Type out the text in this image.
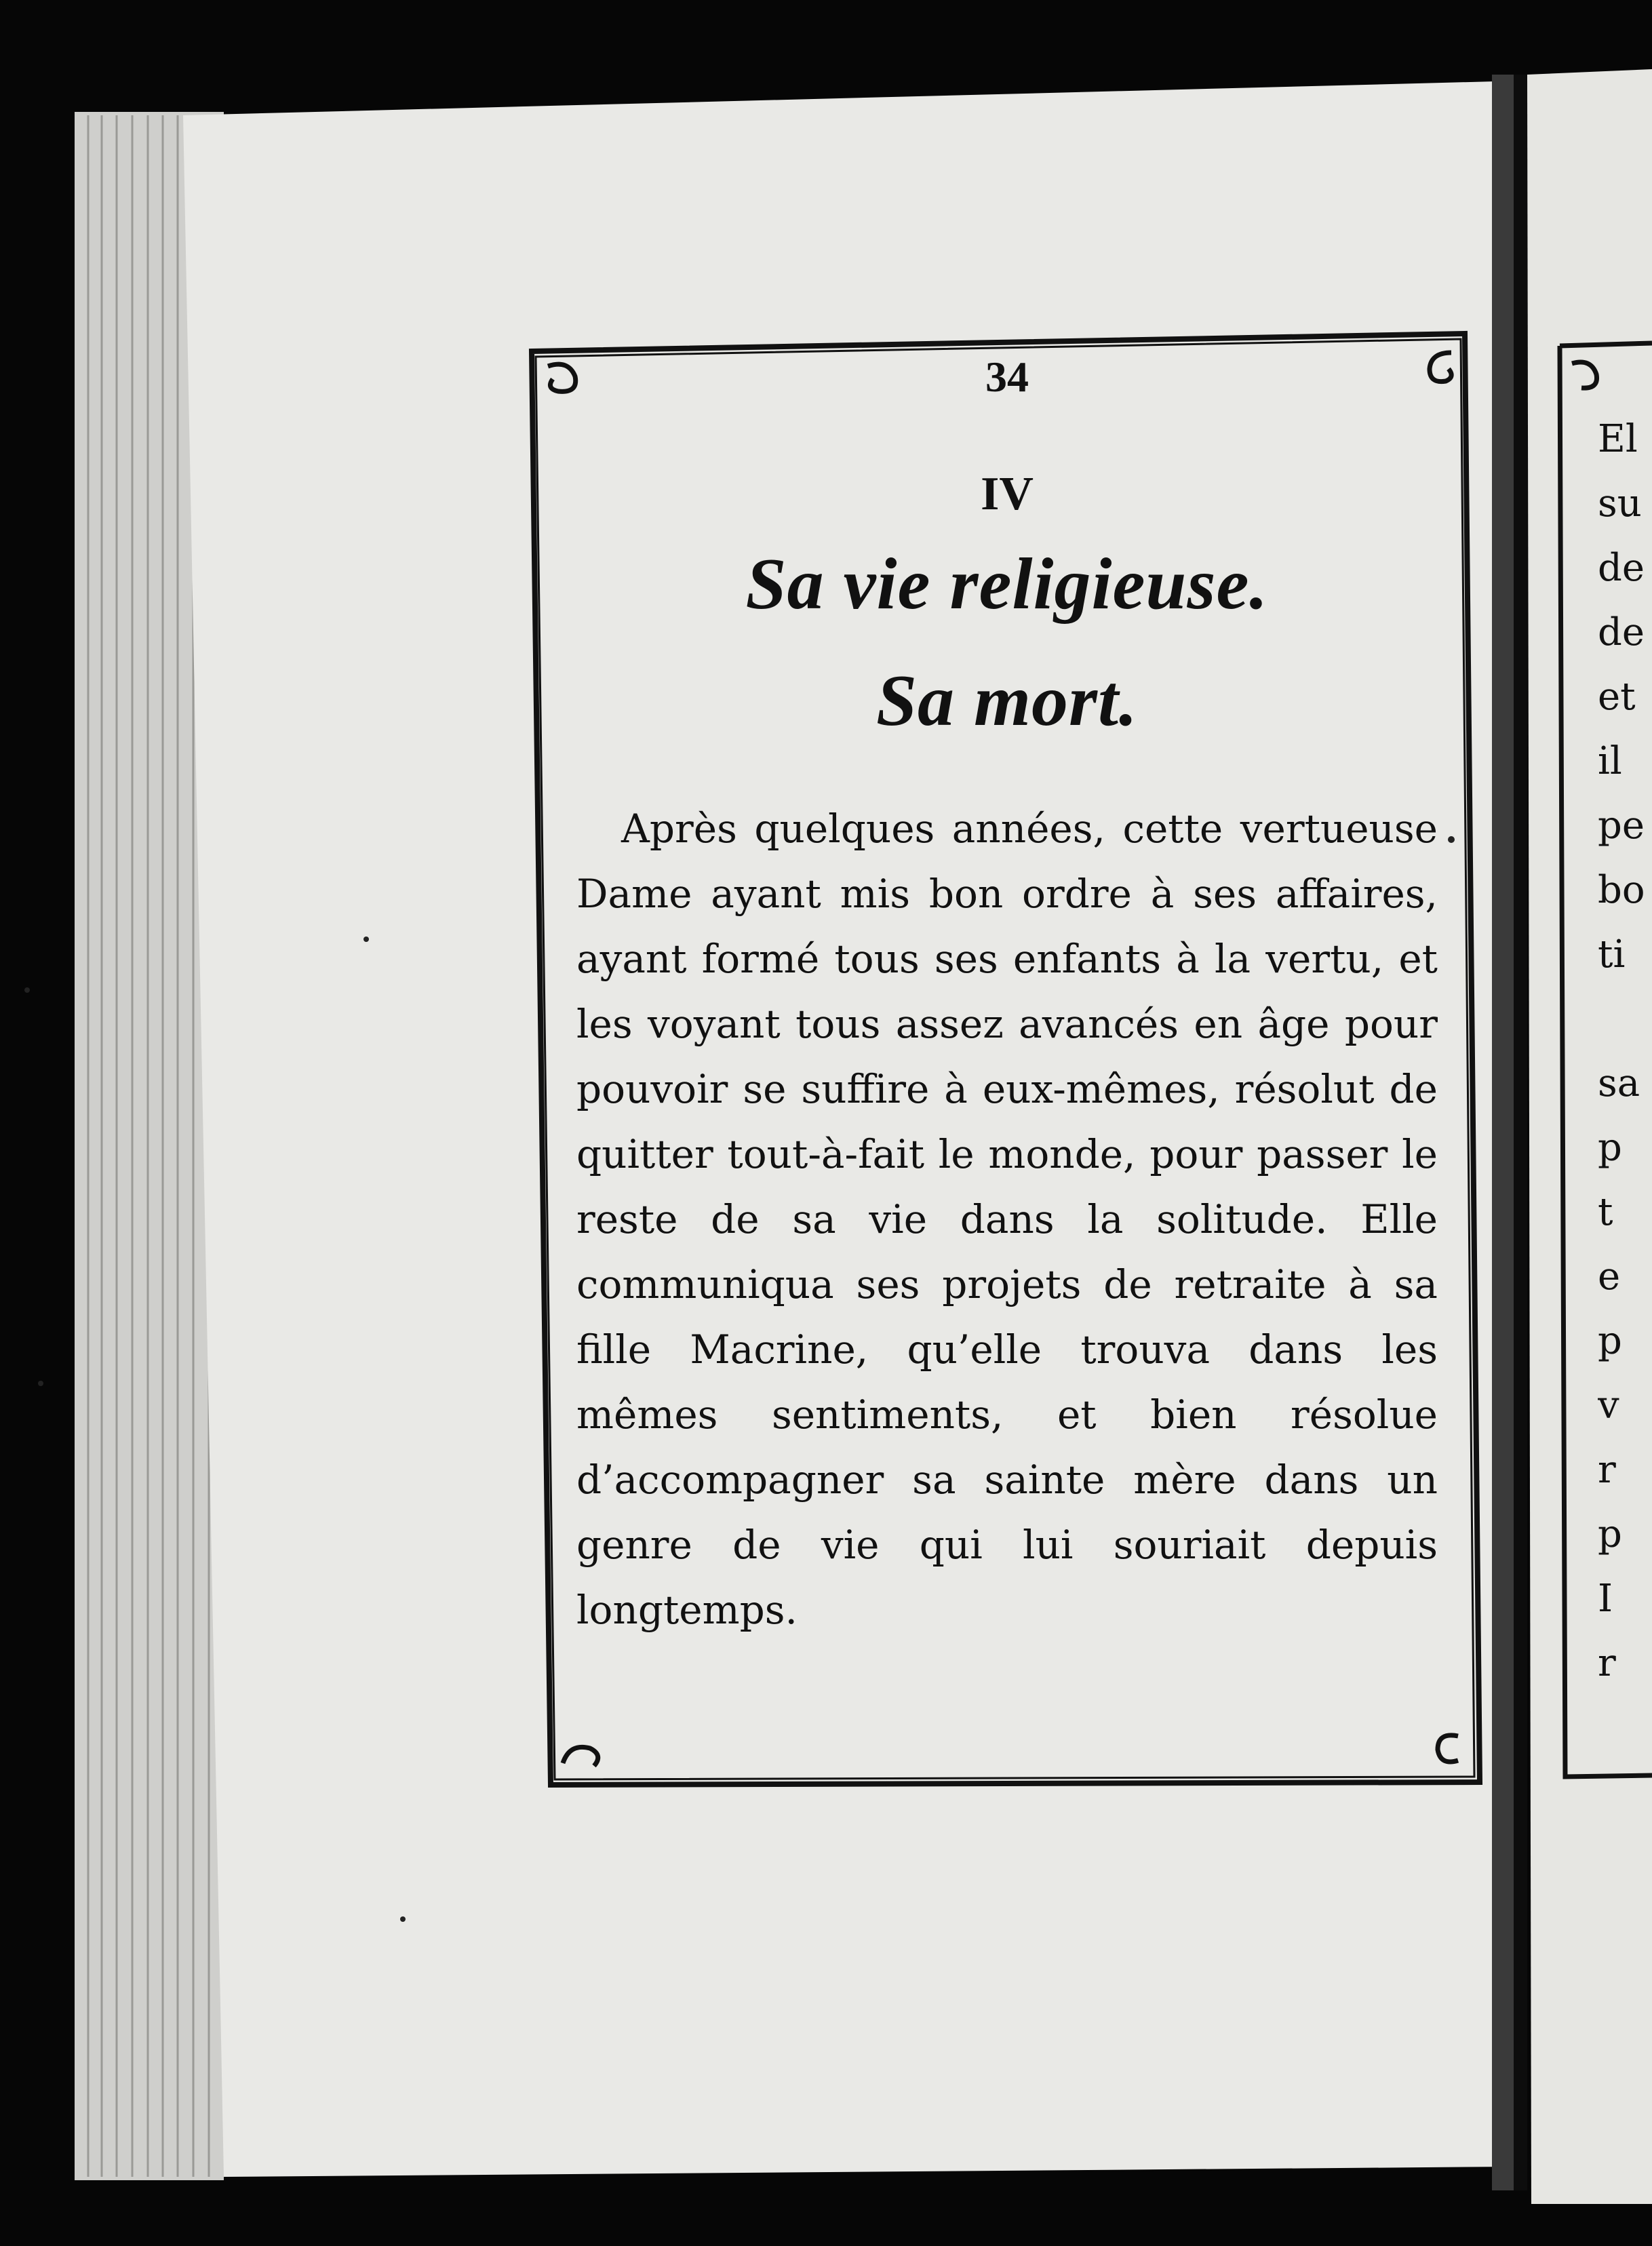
34
IV
Sa vie religieuse.
Sa mort.

Après quelques années, cette vertueuse Dame ayant mis bon ordre à ses affaires, ayant formé tous ses enfants à la vertu, et les voyant tous assez avancés en âge pour pouvoir se suffire à eux-mêmes, résolut de quitter tout-à-fait le monde, pour passer le reste de sa vie dans la solitude. Elle communiqua ses projets de retraite à sa fille Macrine, qu’elle trouva dans les mêmes sentiments, et bien résolue d’accompagner sa sainte mère dans un genre de vie qui lui souriait depuis longtemps.

El
su
de
de
et
il
pe
bo
ti
sa
p
t
e
p
v
r
p
I
r
